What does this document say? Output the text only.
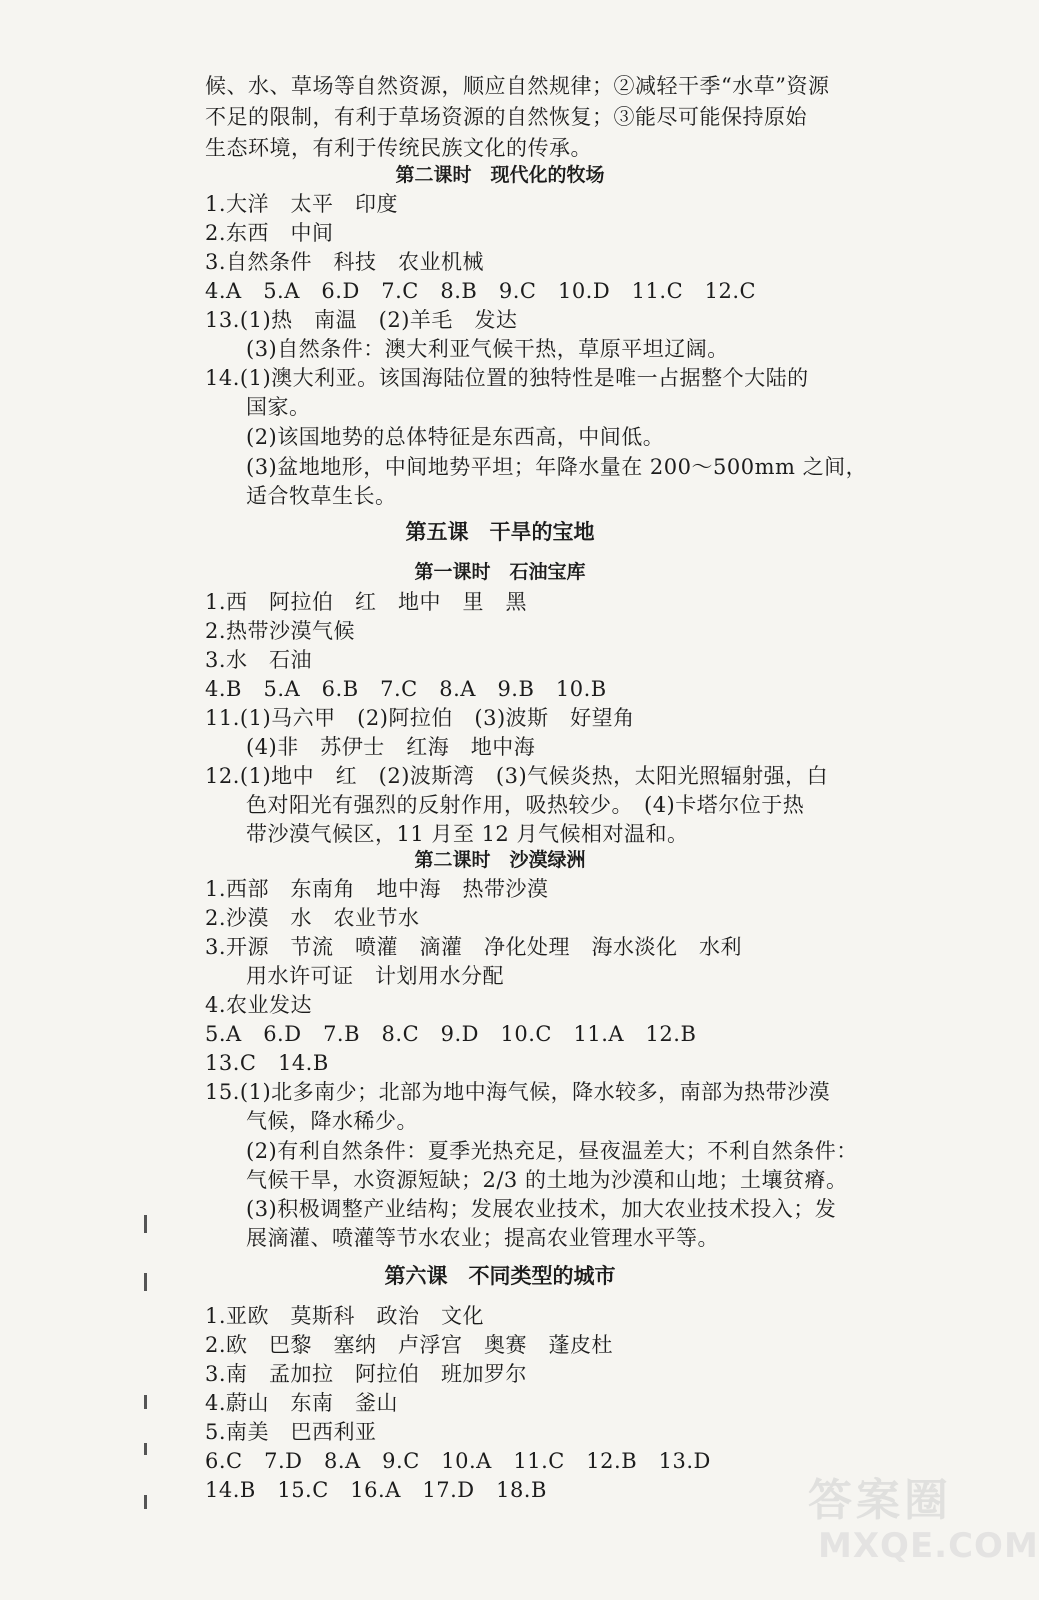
候、水、草场等自然资源，顺应自然规律；②减轻干季“水草”资源
不足的限制，有利于草场资源的自然恢复；③能尽可能保持原始
生态环境，有利于传统民族文化的传承。
第二课时　现代化的牧场
1.大洋　太平　印度
2.东西　中间
3.自然条件　科技　农业机械
4.A　5.A　6.D　7.C　8.B　9.C　10.D　11.C　12.C
13.(1)热　南温　(2)羊毛　发达
(3)自然条件：澳大利亚气候干热，草原平坦辽阔。
14.(1)澳大利亚。该国海陆位置的独特性是唯一占据整个大陆的
国家。
(2)该国地势的总体特征是东西高，中间低。
(3)盆地地形，中间地势平坦；年降水量在 200～500mm 之间，
适合牧草生长。
第五课　干旱的宝地
第一课时　石油宝库
1.西　阿拉伯　红　地中　里　黑
2.热带沙漠气候
3.水　石油
4.B　5.A　6.B　7.C　8.A　9.B　10.B
11.(1)马六甲　(2)阿拉伯　(3)波斯　好望角
(4)非　苏伊士　红海　地中海
12.(1)地中　红　(2)波斯湾　(3)气候炎热，太阳光照辐射强，白
色对阳光有强烈的反射作用，吸热较少。　(4)卡塔尔位于热
带沙漠气候区，11 月至 12 月气候相对温和。
第二课时　沙漠绿洲
1.西部　东南角　地中海　热带沙漠
2.沙漠　水　农业节水
3.开源　节流　喷灌　滴灌　净化处理　海水淡化　水利
用水许可证　计划用水分配
4.农业发达
5.A　6.D　7.B　8.C　9.D　10.C　11.A　12.B
13.C　14.B
15.(1)北多南少；北部为地中海气候，降水较多，南部为热带沙漠
气候，降水稀少。
(2)有利自然条件：夏季光热充足，昼夜温差大；不利自然条件：
气候干旱，水资源短缺；2/3 的土地为沙漠和山地；土壤贫瘠。
(3)积极调整产业结构；发展农业技术，加大农业技术投入；发
展滴灌、喷灌等节水农业；提高农业管理水平等。
第六课　不同类型的城市
1.亚欧　莫斯科　政治　文化
2.欧　巴黎　塞纳　卢浮宫　奥赛　蓬皮杜
3.南　孟加拉　阿拉伯　班加罗尔
4.蔚山　东南　釜山
5.南美　巴西利亚
6.C　7.D　8.A　9.C　10.A　11.C　12.B　13.D
14.B　15.C　16.A　17.D　18.B	答案圈
MXQE.COM
